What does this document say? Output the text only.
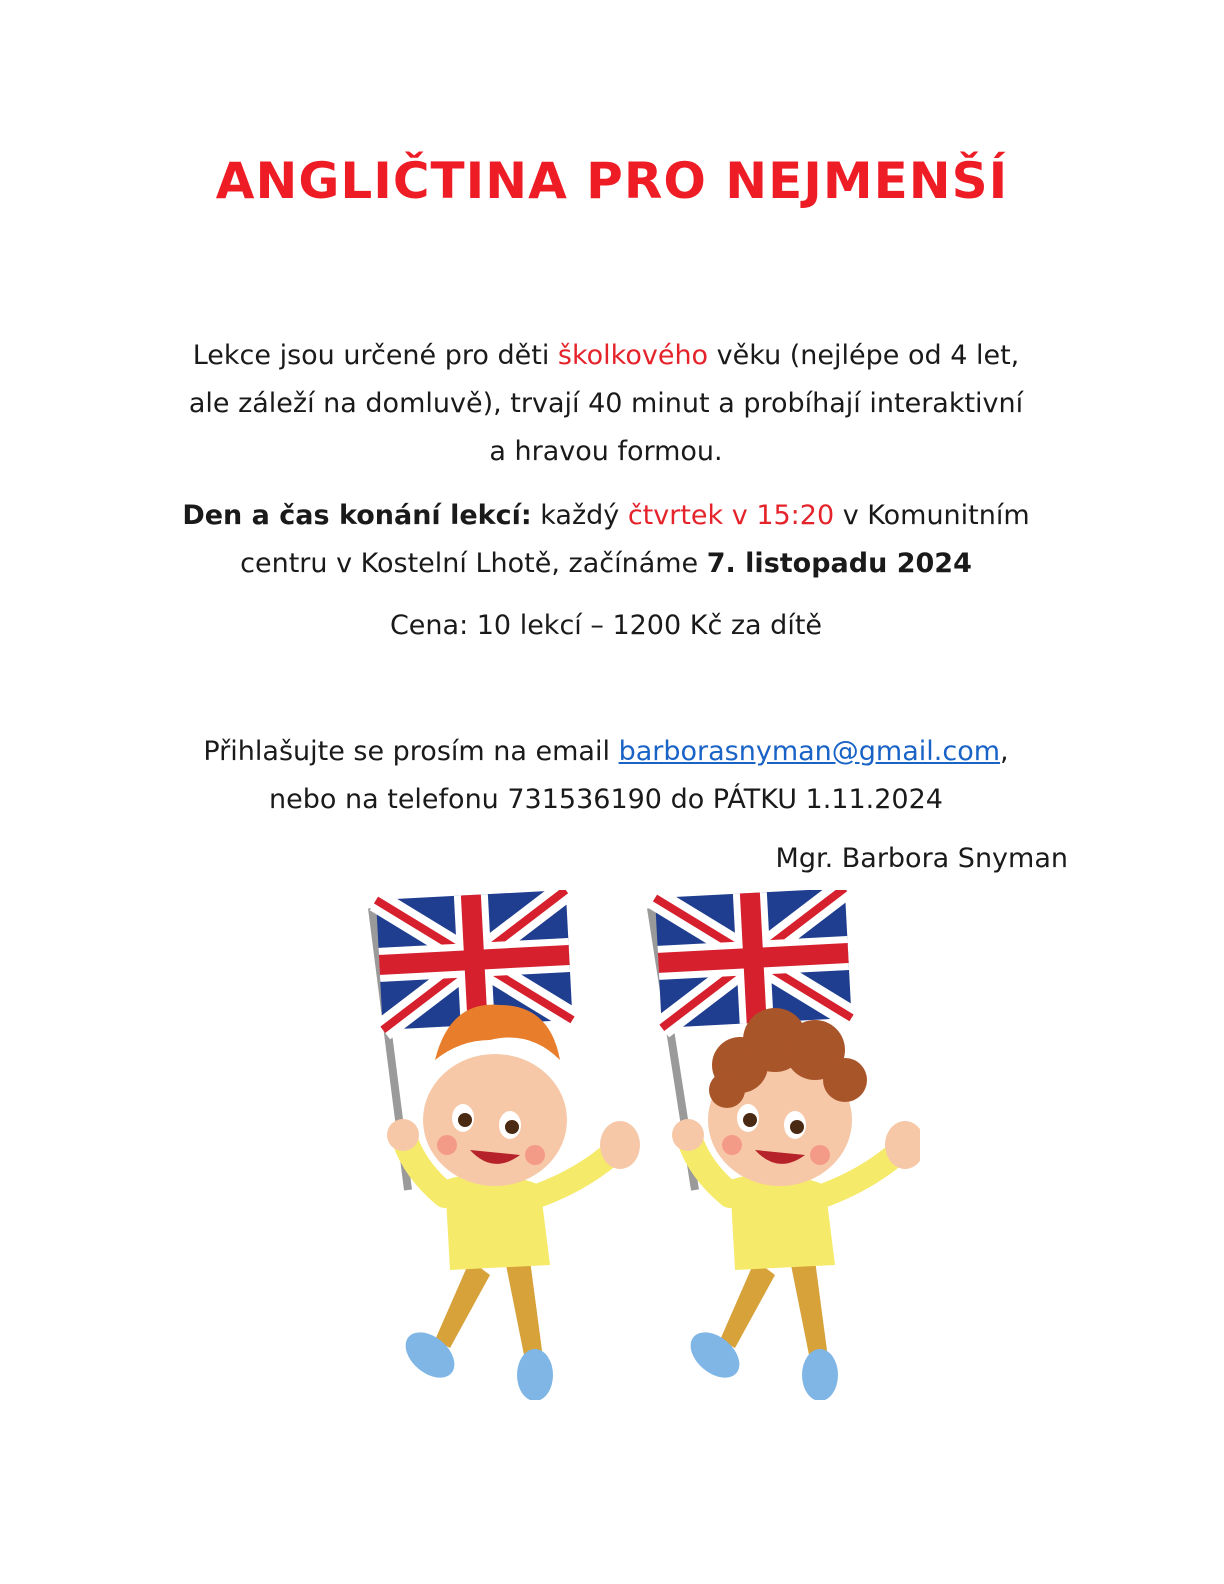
ANGLIČTINA PRO NEJMENŠÍ
Lekce jsou určené pro děti školkového věku (nejlépe od 4 let,
ale záleží na domluvě), trvají 40 minut a probíhají interaktivní
a hravou formou.
Den a čas konání lekcí: každý čtvrtek v 15:20 v Komunitním
centru v Kostelní Lhotě, začínáme 7. listopadu 2024
Cena: 10 lekcí – 1200 Kč za dítě
Přihlašujte se prosím na email barborasnyman@gmail.com,
nebo na telefonu 731536190 do PÁTKU 1.11.2024
Mgr. Barbora Snyman
